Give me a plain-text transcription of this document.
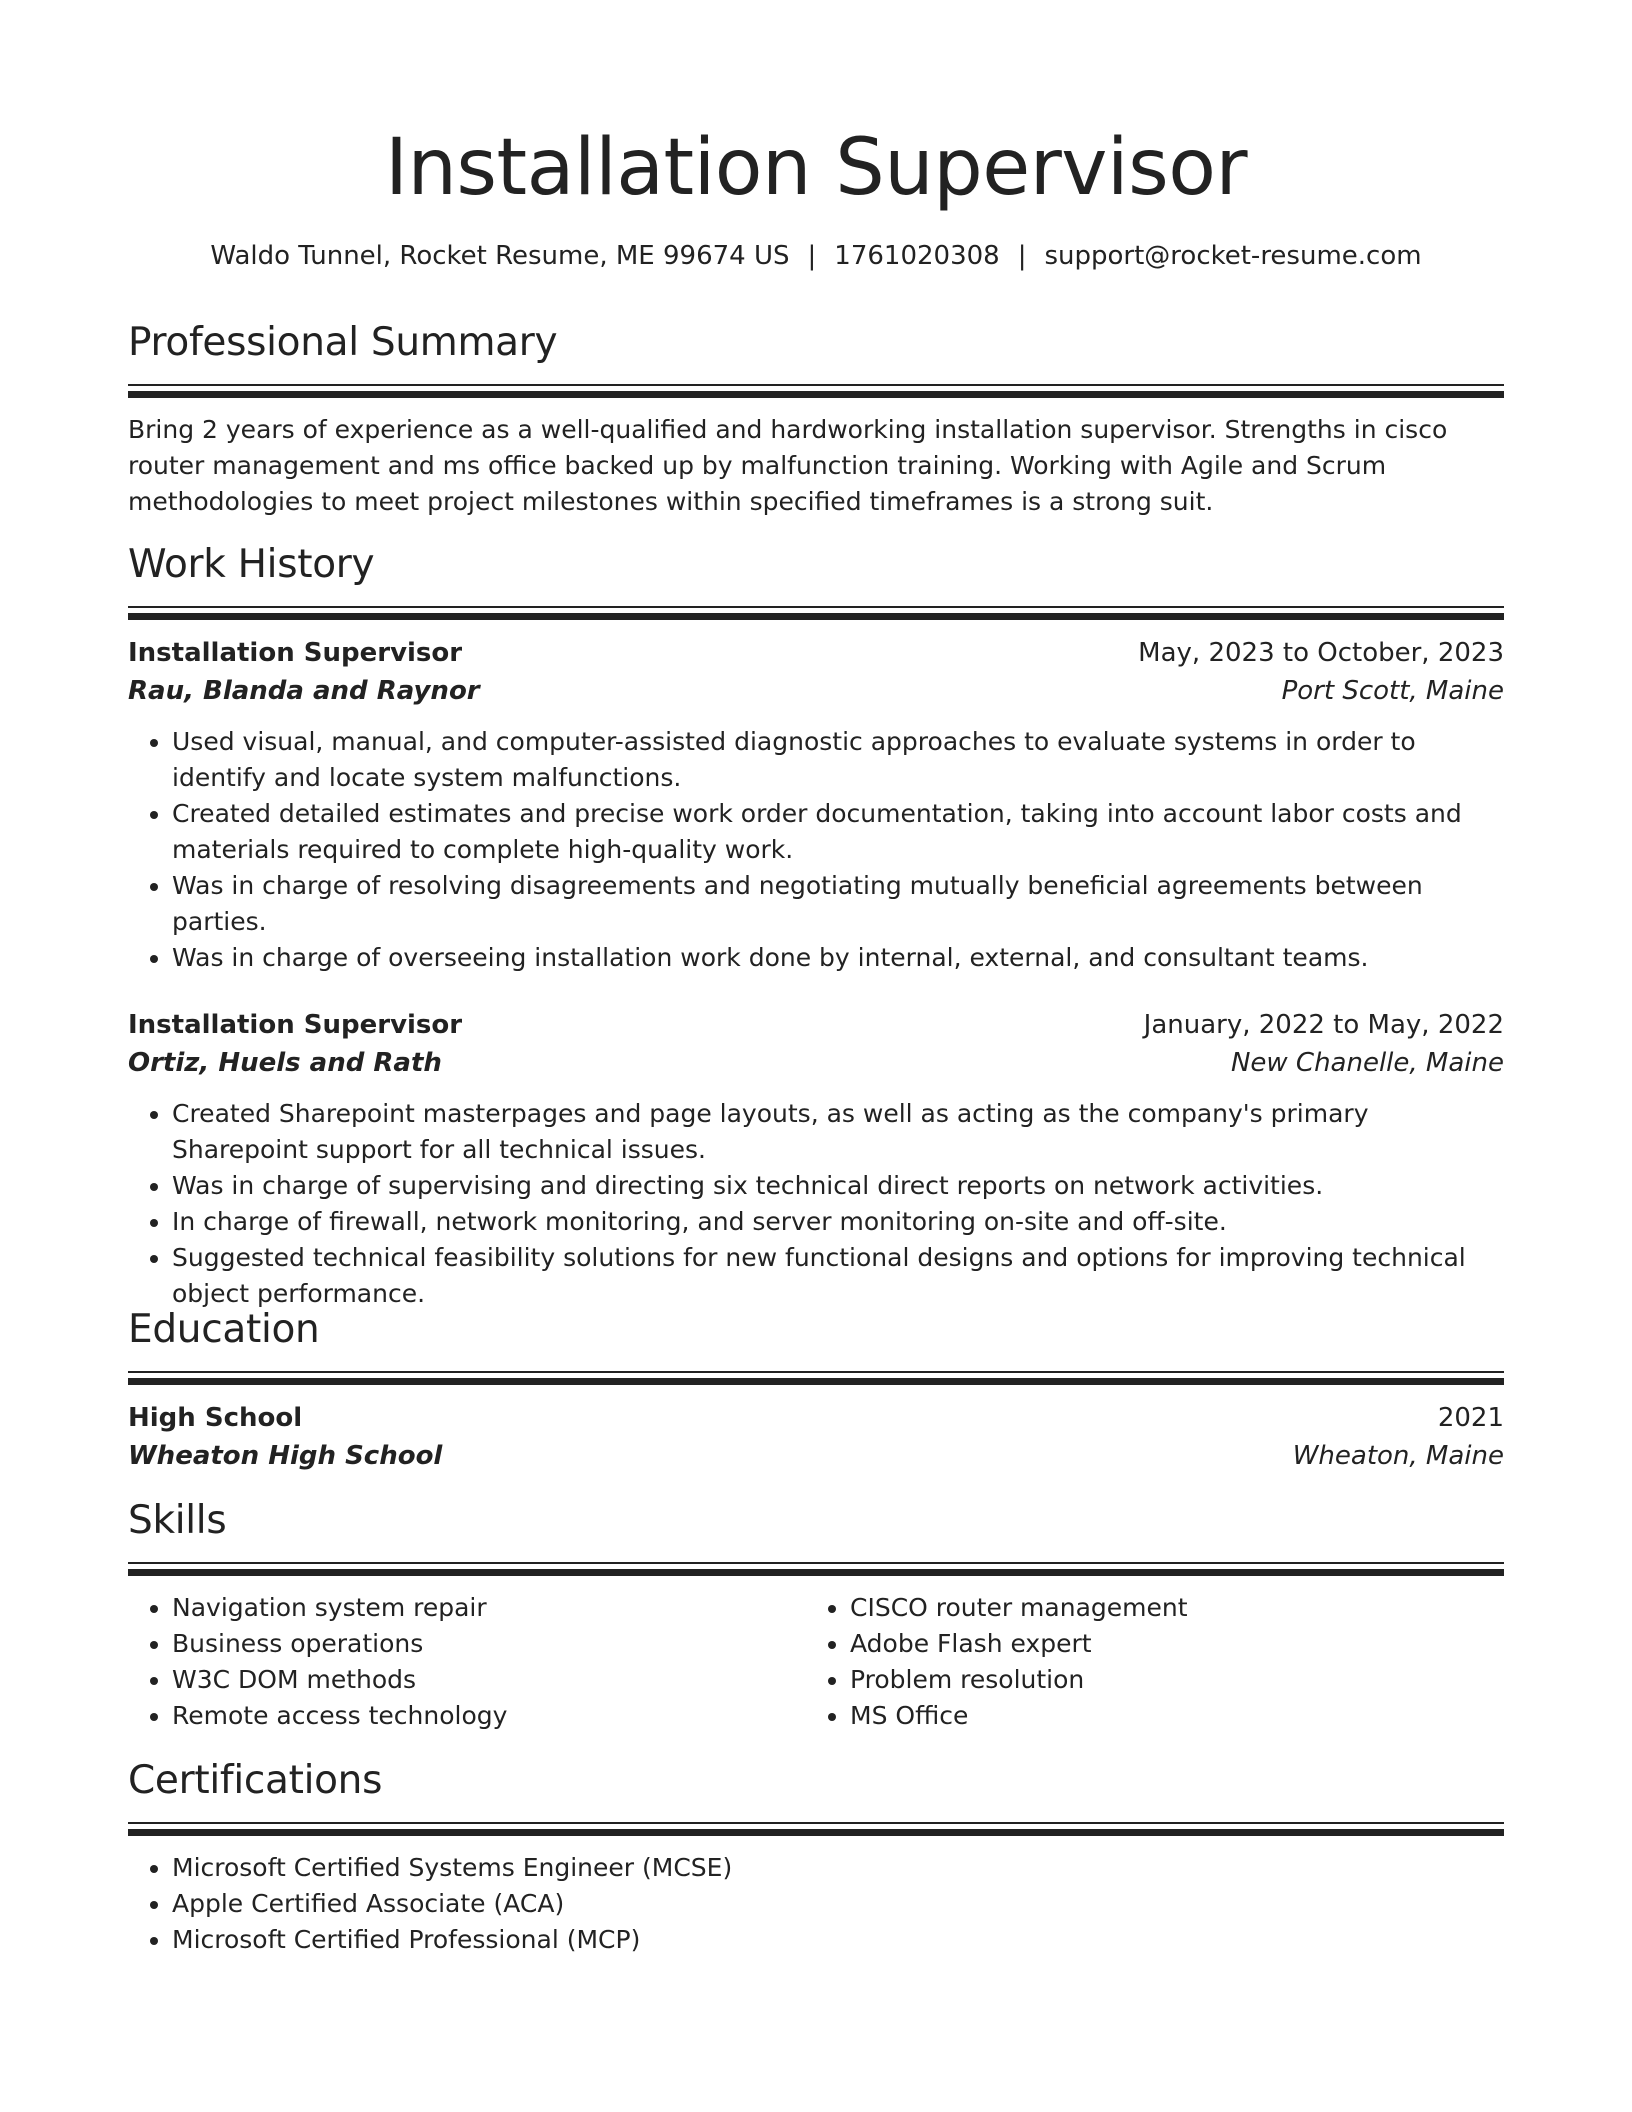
Installation Supervisor
Waldo Tunnel, Rocket Resume, ME 99674 US | 1761020308 | support@rocket-resume.com
Professional Summary

Bring 2 years of experience as a well-qualified and hardworking installation supervisor. Strengths in cisco router management and ms office backed up by malfunction training. Working with Agile and Scrum methodologies to meet project milestones within specified timeframes is a strong suit.

Work History
Installation Supervisor	May, 2023 to October, 2023
Rau, Blanda and Raynor	Port Scott, Maine
• Used visual, manual, and computer-assisted diagnostic approaches to evaluate systems in order to identify and locate system malfunctions.
• Created detailed estimates and precise work order documentation, taking into account labor costs and materials required to complete high-quality work.
• Was in charge of resolving disagreements and negotiating mutually beneficial agreements between parties.
• Was in charge of overseeing installation work done by internal, external, and consultant teams.
Installation Supervisor	January, 2022 to May, 2022
Ortiz, Huels and Rath	New Chanelle, Maine
• Created Sharepoint masterpages and page layouts, as well as acting as the company's primary Sharepoint support for all technical issues.
• Was in charge of supervising and directing six technical direct reports on network activities.
• In charge of firewall, network monitoring, and server monitoring on-site and off-site.
• Suggested technical feasibility solutions for new functional designs and options for improving technical object performance.
Education
High School	2021
Wheaton High School	Wheaton, Maine
Skills
• Navigation system repair
• Business operations
• W3C DOM methods
• Remote access technology
• CISCO router management
• Adobe Flash expert
• Problem resolution
• MS Office
Certifications
• Microsoft Certified Systems Engineer (MCSE)
• Apple Certified Associate (ACA)
• Microsoft Certified Professional (MCP)
